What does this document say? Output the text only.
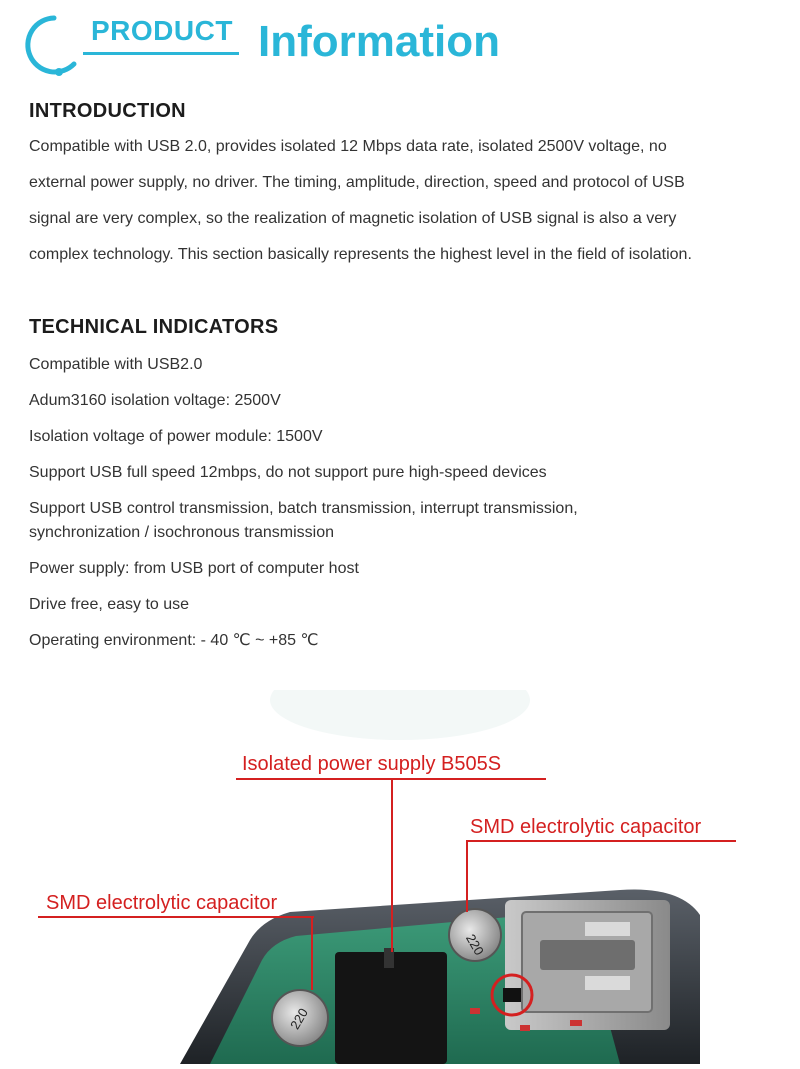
PRODUCT Information
INTRODUCTION

Compatible with USB 2.0, provides isolated 12 Mbps data rate, isolated 2500V voltage, no
external power supply, no driver. The timing, amplitude, direction, speed and protocol of USB
signal are very complex, so the realization of magnetic isolation of USB signal is also a very
complex technology. This section basically represents the highest level in the field of isolation.

TECHNICAL INDICATORS
Compatible with USB2.0
Adum3160 isolation voltage: 2500V
Isolation voltage of power module: 1500V
Support USB full speed 12mbps, do not support pure high-speed devices
Support USB control transmission, batch transmission, interrupt transmission,
synchronization / isochronous transmission
Power supply: from USB port of computer host
Drive free, easy to use
Operating environment: - 40 ℃ ~ +85 ℃
220
220
Isolated power supply B505S
SMD electrolytic capacitor
SMD electrolytic capacitor
